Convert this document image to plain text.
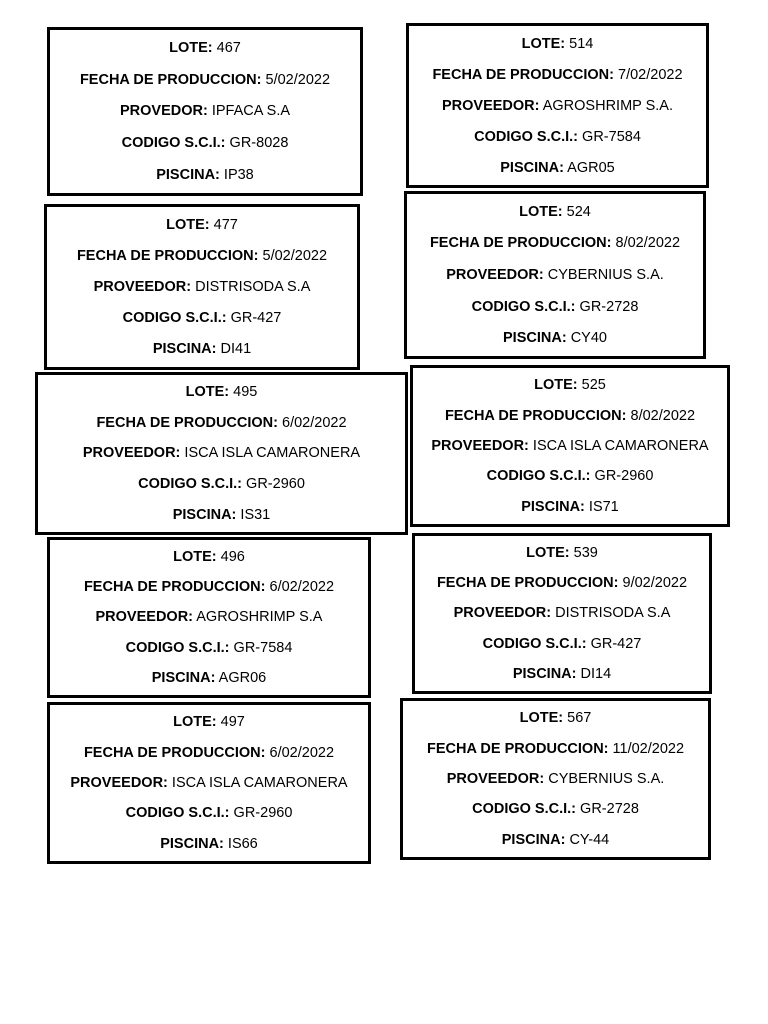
LOTE: 467
FECHA DE PRODUCCION: 5/02/2022
PROVEDOR: IPFACA S.A
CODIGO S.C.I.: GR-8028
PISCINA: IP38
LOTE: 514
FECHA DE PRODUCCION: 7/02/2022
PROVEEDOR: AGROSHRIMP S.A.
CODIGO S.C.I.: GR-7584
PISCINA: AGR05
LOTE: 477
FECHA DE PRODUCCION: 5/02/2022
PROVEEDOR: DISTRISODA S.A
CODIGO S.C.I.: GR-427
PISCINA: DI41
LOTE: 524
FECHA DE PRODUCCION: 8/02/2022
PROVEEDOR: CYBERNIUS S.A.
CODIGO S.C.I.: GR-2728
PISCINA: CY40
LOTE: 495
FECHA DE PRODUCCION: 6/02/2022
PROVEEDOR: ISCA ISLA CAMARONERA
CODIGO S.C.I.: GR-2960
PISCINA: IS31
LOTE: 525
FECHA DE PRODUCCION: 8/02/2022
PROVEEDOR: ISCA ISLA CAMARONERA
CODIGO S.C.I.: GR-2960
PISCINA: IS71
LOTE: 496
FECHA DE PRODUCCION: 6/02/2022
PROVEEDOR: AGROSHRIMP S.A
CODIGO S.C.I.: GR-7584
PISCINA: AGR06
LOTE: 539
FECHA DE PRODUCCION: 9/02/2022
PROVEEDOR: DISTRISODA S.A
CODIGO S.C.I.: GR-427
PISCINA: DI14
LOTE: 497
FECHA DE PRODUCCION: 6/02/2022
PROVEEDOR: ISCA ISLA CAMARONERA
CODIGO S.C.I.: GR-2960
PISCINA: IS66
LOTE: 567
FECHA DE PRODUCCION: 11/02/2022
PROVEEDOR: CYBERNIUS S.A.
CODIGO S.C.I.: GR-2728
PISCINA: CY-44
